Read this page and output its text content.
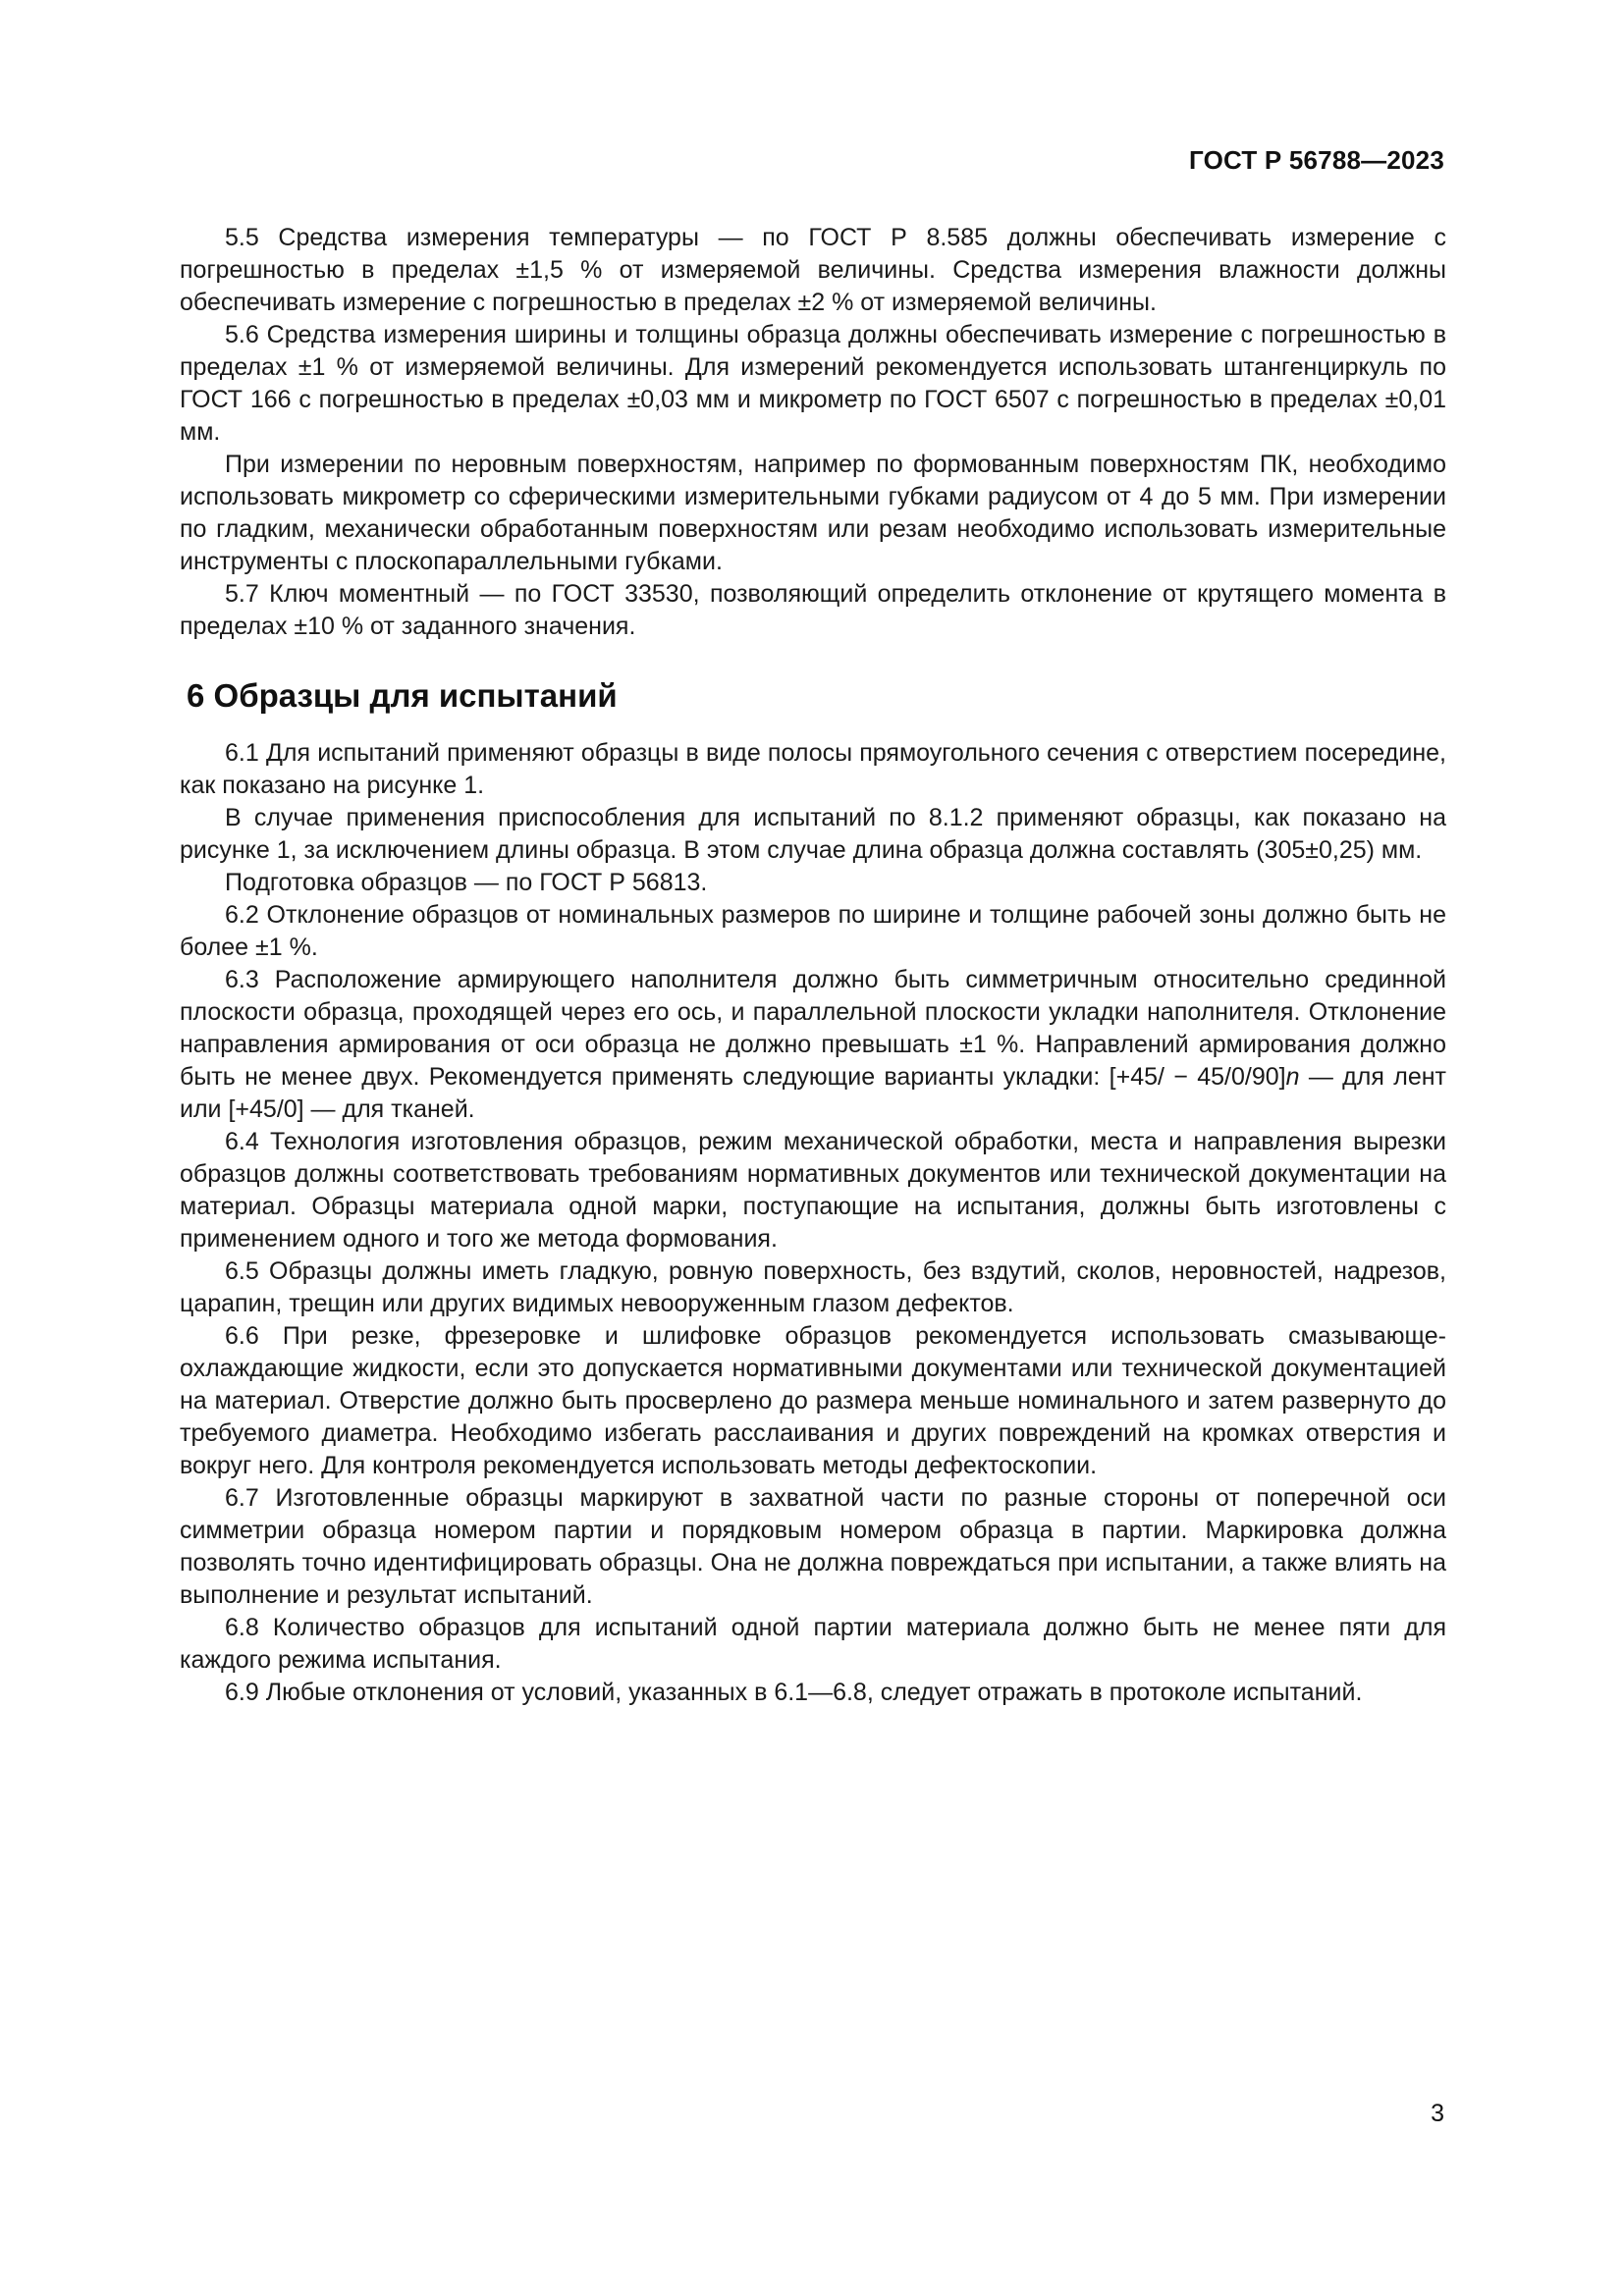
ГОСТ Р 56788—2023

5.5 Средства измерения температуры — по ГОСТ Р 8.585 должны обеспечивать измерение с погрешностью в пределах ±1,5 % от измеряемой величины. Средства измерения влажности должны обеспечивать измерение с погрешностью в пределах ±2 % от измеряемой величины.

5.6 Средства измерения ширины и толщины образца должны обеспечивать измерение с погрешностью в пределах ±1 % от измеряемой величины. Для измерений рекомендуется использовать штангенциркуль по ГОСТ 166 с погрешностью в пределах ±0,03 мм и микрометр по ГОСТ 6507 с погрешностью в пределах ±0,01 мм.

При измерении по неровным поверхностям, например по формованным поверхностям ПК, необходимо использовать микрометр со сферическими измерительными губками радиусом от 4 до 5 мм. При измерении по гладким, механически обработанным поверхностям или резам необходимо использовать измерительные инструменты с плоскопараллельными губками.

5.7 Ключ моментный — по ГОСТ 33530, позволяющий определить отклонение от крутящего момента в пределах ±10 % от заданного значения.

6 Образцы для испытаний

6.1 Для испытаний применяют образцы в виде полосы прямоугольного сечения с отверстием посередине, как показано на рисунке 1.

В случае применения приспособления для испытаний по 8.1.2 применяют образцы, как показано на рисунке 1, за исключением длины образца. В этом случае длина образца должна составлять (305±0,25) мм.

Подготовка образцов — по ГОСТ Р 56813.

6.2 Отклонение образцов от номинальных размеров по ширине и толщине рабочей зоны должно быть не более ±1 %.

6.3 Расположение армирующего наполнителя должно быть симметричным относительно срединной плоскости образца, проходящей через его ось, и параллельной плоскости укладки наполнителя. Отклонение направления армирования от оси образца не должно превышать ±1 %. Направлений армирования должно быть не менее двух. Рекомендуется применять следующие варианты укладки: [+45/ − 45/0/90]n — для лент или [+45/0] — для тканей.

6.4 Технология изготовления образцов, режим механической обработки, места и направления вырезки образцов должны соответствовать требованиям нормативных документов или технической документации на материал. Образцы материала одной марки, поступающие на испытания, должны быть изготовлены с применением одного и того же метода формования.

6.5 Образцы должны иметь гладкую, ровную поверхность, без вздутий, сколов, неровностей, надрезов, царапин, трещин или других видимых невооруженным глазом дефектов.

6.6 При резке, фрезеровке и шлифовке образцов рекомендуется использовать смазывающе-охлаждающие жидкости, если это допускается нормативными документами или технической документацией на материал. Отверстие должно быть просверлено до размера меньше номинального и затем развернуто до требуемого диаметра. Необходимо избегать расслаивания и других повреждений на кромках отверстия и вокруг него. Для контроля рекомендуется использовать методы дефектоскопии.

6.7 Изготовленные образцы маркируют в захватной части по разные стороны от поперечной оси симметрии образца номером партии и порядковым номером образца в партии. Маркировка должна позволять точно идентифицировать образцы. Она не должна повреждаться при испытании, а также влиять на выполнение и результат испытаний.

6.8 Количество образцов для испытаний одной партии материала должно быть не менее пяти для каждого режима испытания.

6.9 Любые отклонения от условий, указанных в 6.1—6.8, следует отражать в протоколе испытаний.

3
